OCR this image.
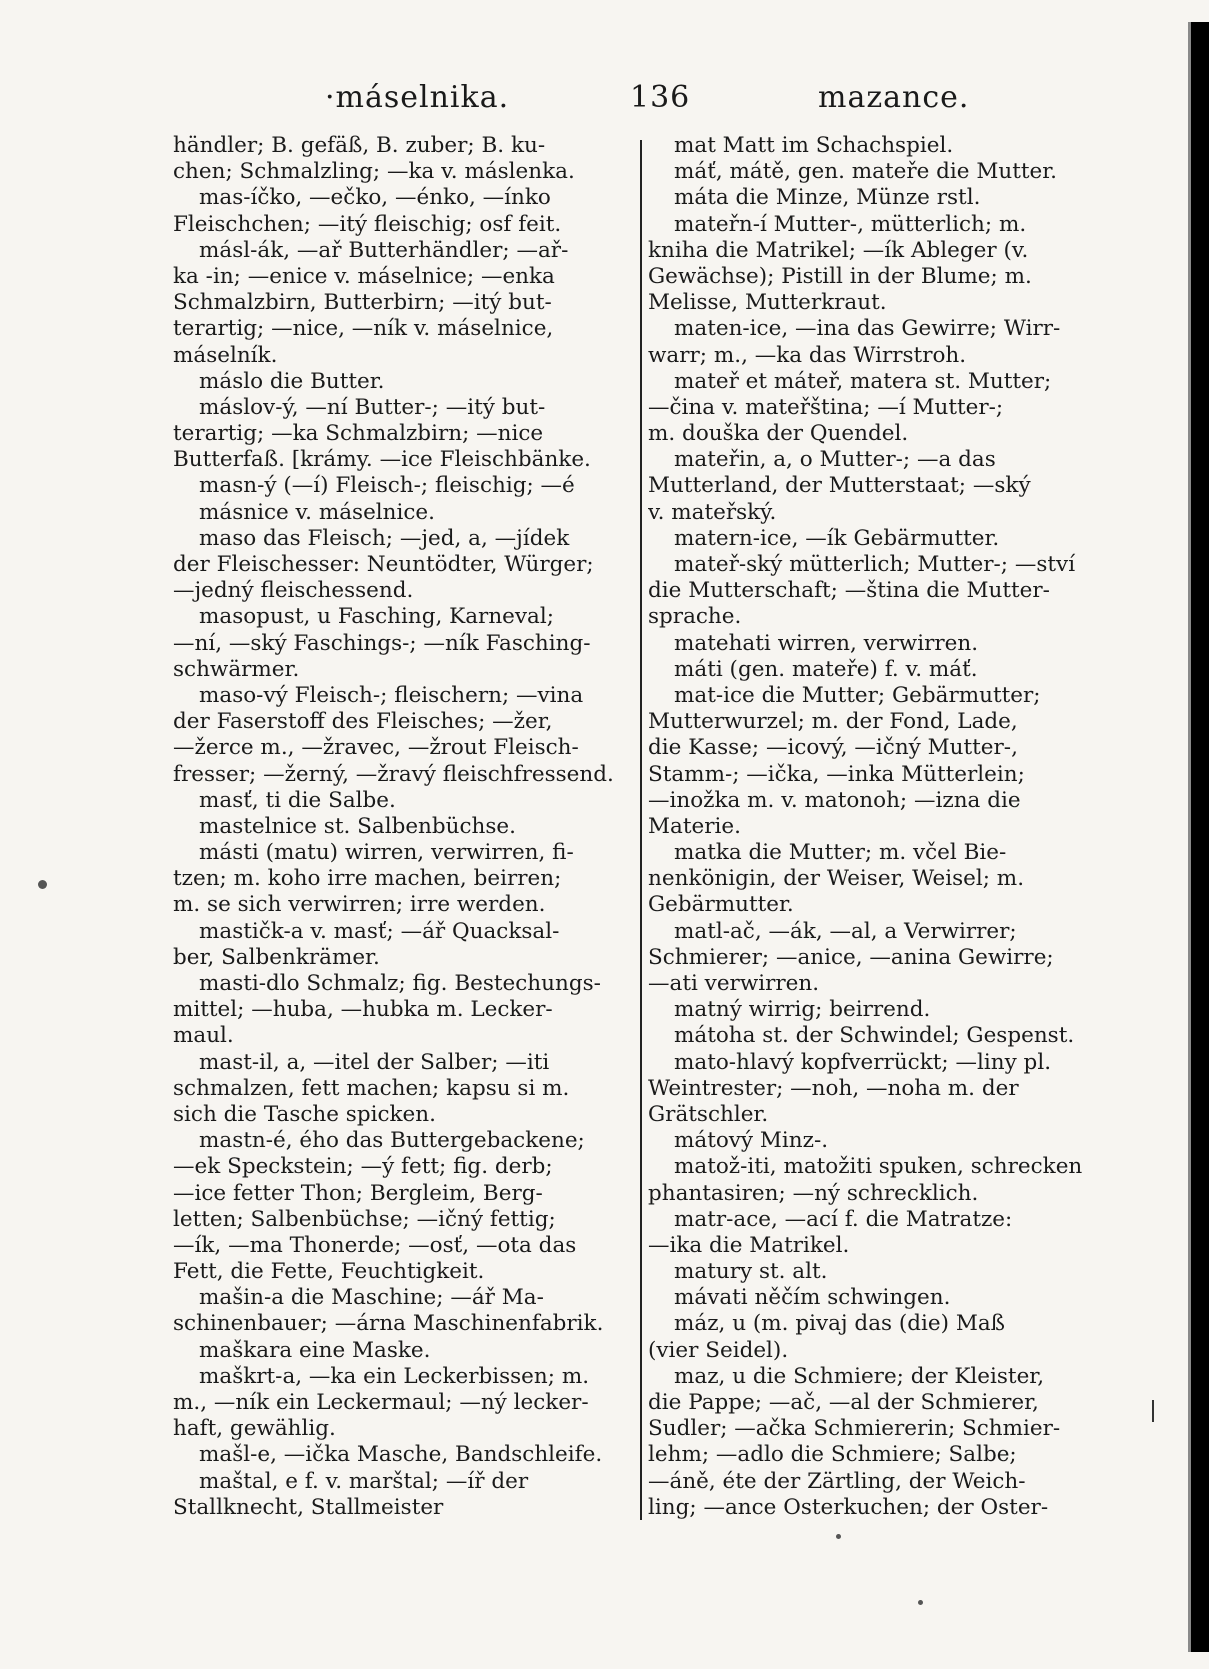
·máselnika.	136	mazance.
händler; B. gefäß, B. zuber; B. ku-
chen; Schmalzling; —ka v. máslenka.
mas-íčko, —ečko, —énko, —ínko
Fleischchen; —itý fleischig; osf feit.
másl-ák, —ař Butterhändler; —ař-
ka -in; —enice v. máselnice; —enka
Schmalzbirn, Butterbirn; —itý but-
terartig; —nice, —ník v. máselnice,
máselník.
máslo die Butter.
máslov-ý, —ní Butter-; —itý but-
terartig; —ka Schmalzbirn; —nice
Butterfaß. [krámy. —ice Fleischbänke.
masn-ý (—í) Fleisch-; fleischig; —é
másnice v. máselnice.
maso das Fleisch; —jed, a, —jídek
der Fleischesser: Neuntödter, Würger;
—jedný fleischessend.
masopust, u Fasching, Karneval;
—ní, —ský Faschings-; —ník Fasching-
schwärmer.
maso-vý Fleisch-; fleischern; —vina
der Faserstoff des Fleisches; —žer,
—žerce m., —žravec, —žrout Fleisch-
fresser; —žerný, —žravý fleischfressend.
masť, ti die Salbe.
mastelnice st. Salbenbüchse.
másti (matu) wirren, verwirren, fi-
tzen; m. koho irre machen, beirren;
m. se sich verwirren; irre werden.
mastičk-a v. masť; —ář Quacksal-
ber, Salbenkrämer.
masti-dlo Schmalz; fig. Bestechungs-
mittel; —huba, —hubka m. Lecker-
maul.
mast-il, a, —itel der Salber; —iti
schmalzen, fett machen; kapsu si m.
sich die Tasche spicken.
mastn-é, ého das Buttergebackene;
—ek Speckstein; —ý fett; fig. derb;
—ice fetter Thon; Bergleim, Berg-
letten; Salbenbüchse; —ičný fettig;
—ík, —ma Thonerde; —osť, —ota das
Fett, die Fette, Feuchtigkeit.
mašin-a die Maschine; —ář Ma-
schinenbauer; —árna Maschinenfabrik.
maškara eine Maske.
maškrt-a, —ka ein Leckerbissen; m.
m., —ník ein Leckermaul; —ný lecker-
haft, gewählig.
mašl-e, —ička Masche, Bandschleife.
maštal, e f. v. marštal; —íř der
Stallknecht, Stallmeister
mat Matt im Schachspiel.
máť, mátě, gen. mateře die Mutter.
máta die Minze, Münze rstl.
mateřn-í Mutter-, mütterlich; m.
kniha die Matrikel; —ík Ableger (v.
Gewächse); Pistill in der Blume; m.
Melisse, Mutterkraut.
maten-ice, —ina das Gewirre; Wirr-
warr; m., —ka das Wirrstroh.
mateř et máteř, matera st. Mutter;
—čina v. mateřština; —í Mutter-;
m. douška der Quendel.
mateřin, a, o Mutter-; —a das
Mutterland, der Mutterstaat; —ský
v. mateřský.
matern-ice, —ík Gebärmutter.
mateř-ský mütterlich; Mutter-; —ství
die Mutterschaft; —ština die Mutter-
sprache.
matehati wirren, verwirren.
máti (gen. mateře) f. v. máť.
mat-ice die Mutter; Gebärmutter;
Mutterwurzel; m. der Fond, Lade,
die Kasse; —icový, —ičný Mutter-,
Stamm-; —ička, —inka Mütterlein;
—inožka m. v. matonoh; —izna die
Materie.
matka die Mutter; m. včel Bie-
nenkönigin, der Weiser, Weisel; m.
Gebärmutter.
matl-ač, —ák, —al, a Verwirrer;
Schmierer; —anice, —anina Gewirre;
—ati verwirren.
matný wirrig; beirrend.
mátoha st. der Schwindel; Gespenst.
mato-hlavý kopfverrückt; —liny pl.
Weintrester; —noh, —noha m. der
Grätschler.
mátový Minz-.
matož-iti, matožiti spuken, schrecken
phantasiren; —ný schrecklich.
matr-ace, —ací f. die Matratze:
—ika die Matrikel.
matury st. alt.
mávati něčím schwingen.
máz, u (m. pivaj das (die) Maß
(vier Seidel).
maz, u die Schmiere; der Kleister,
die Pappe; —ač, —al der Schmierer,
Sudler; —ačka Schmiererin; Schmier-
lehm; —adlo die Schmiere; Salbe;
—áně, éte der Zärtling, der Weich-
ling; —ance Osterkuchen; der Oster-
